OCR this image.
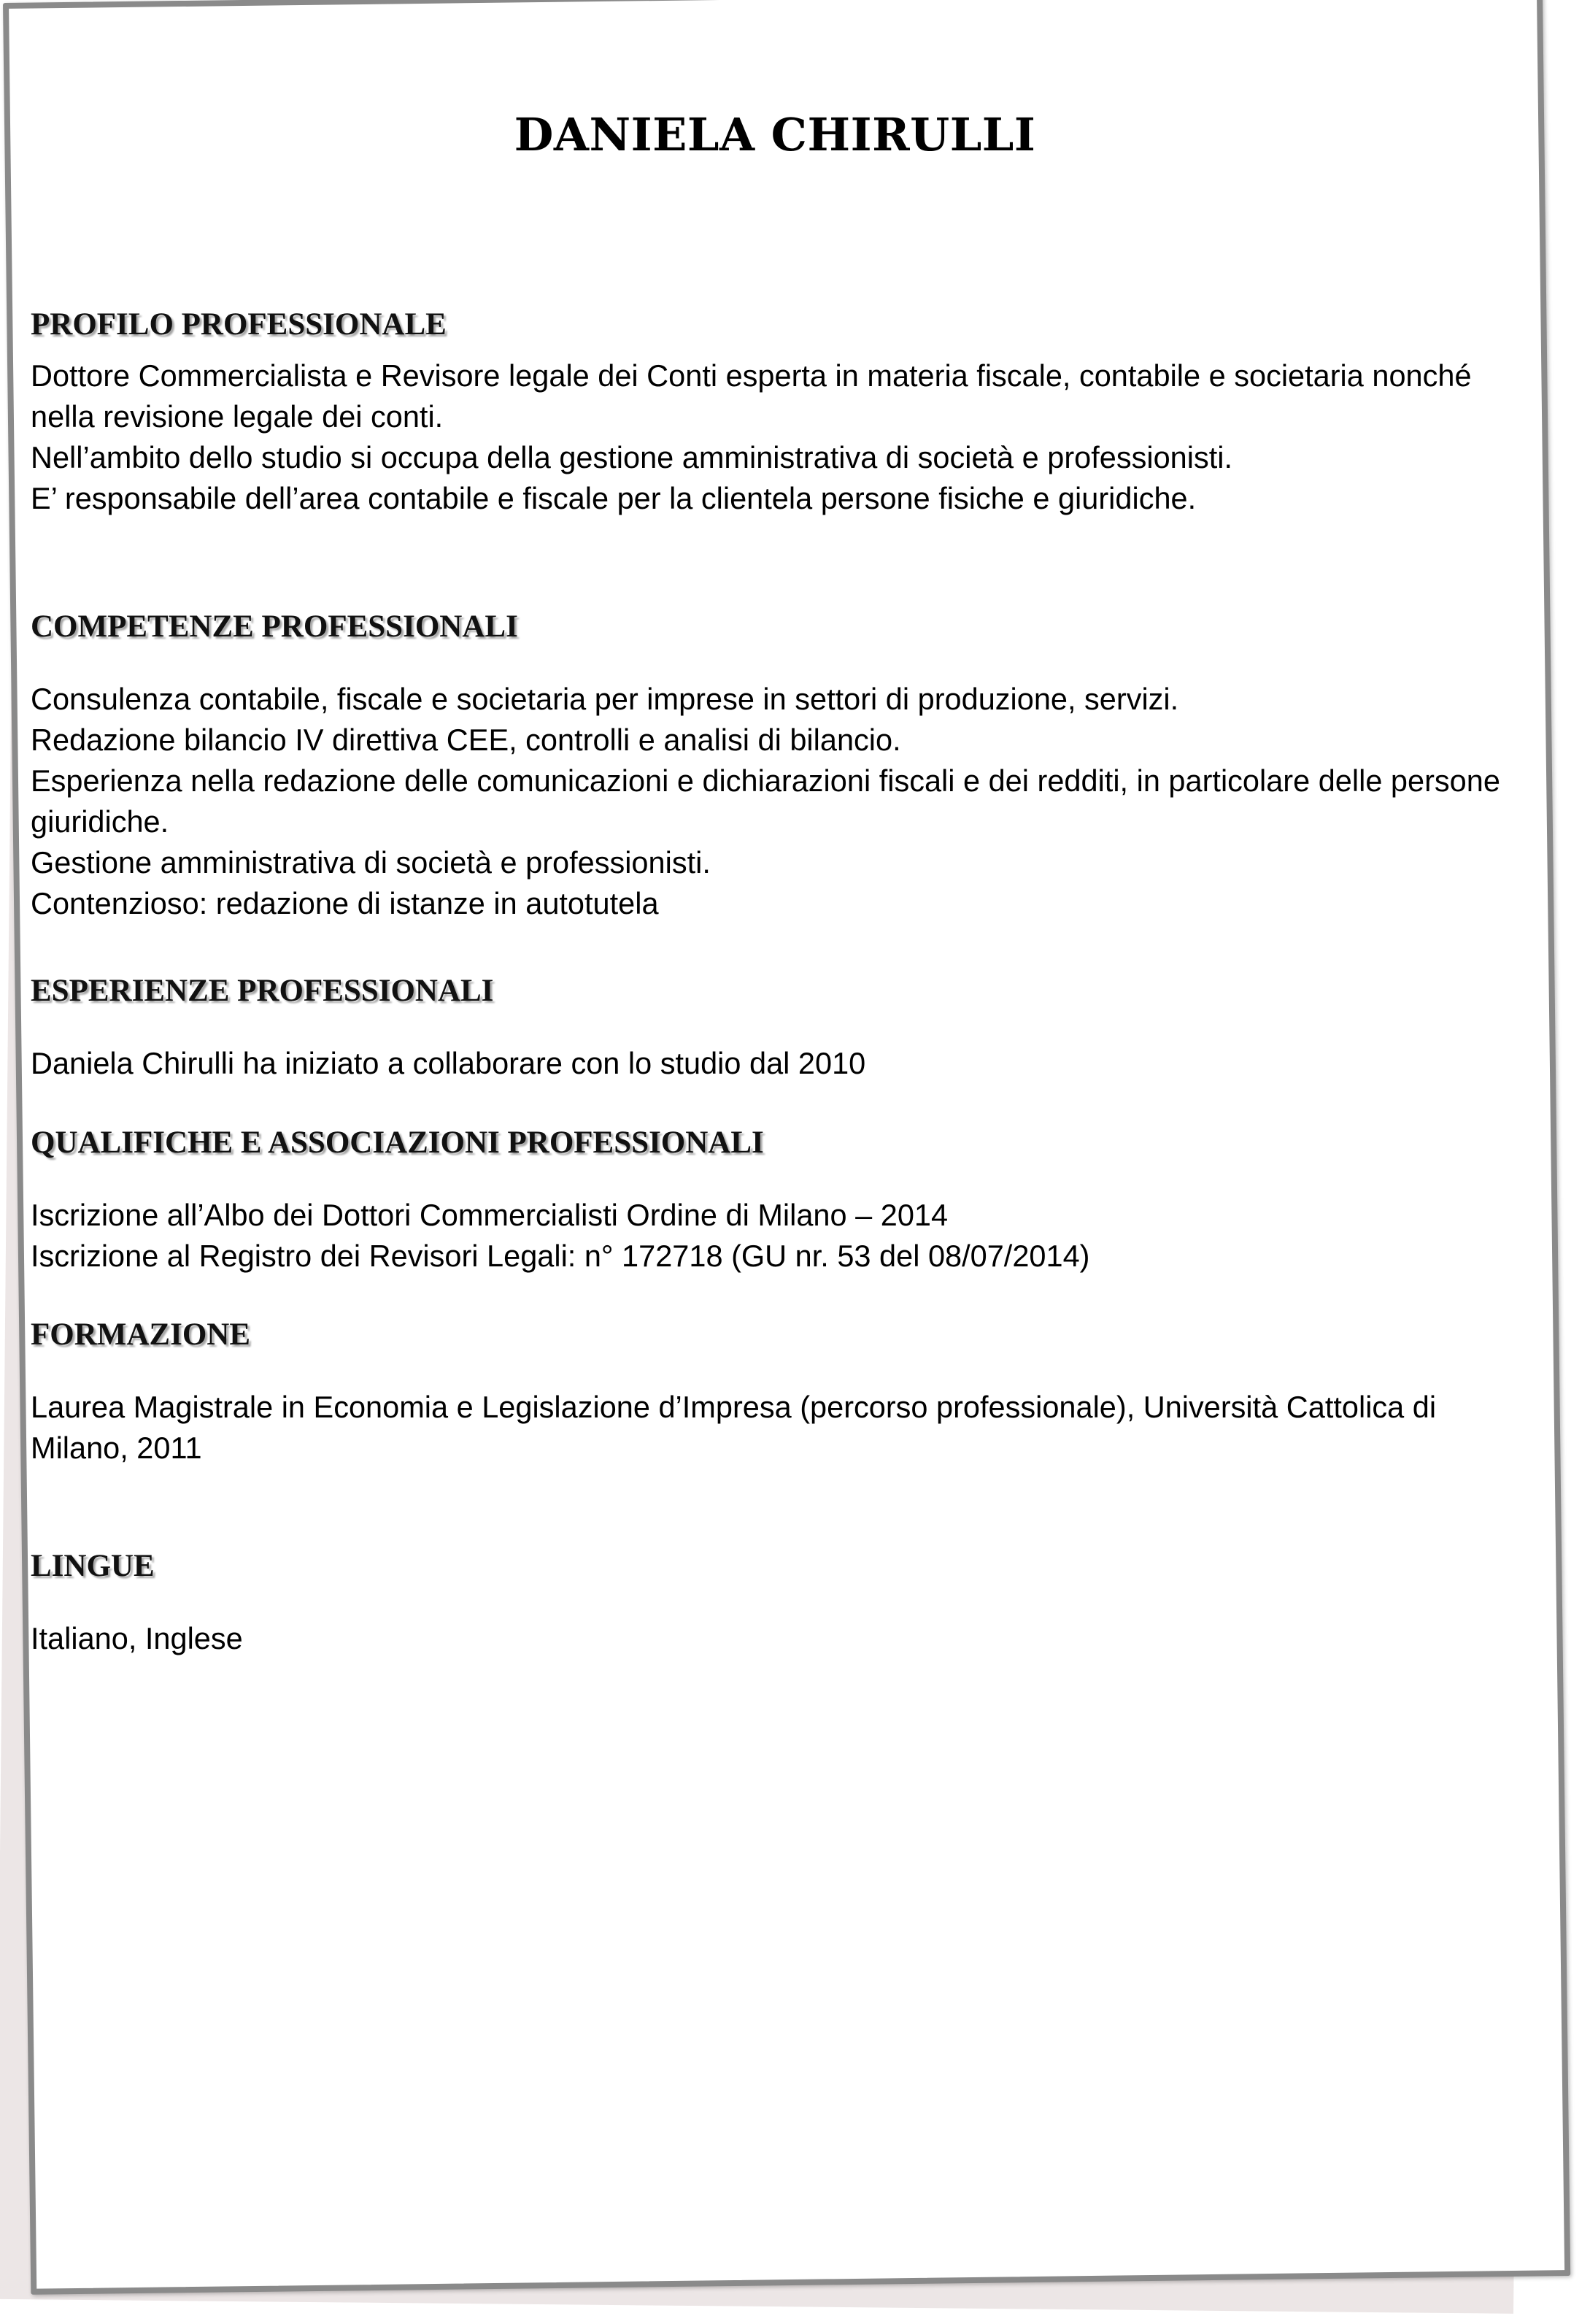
DANIELA CHIRULLI
PROFILO PROFESSIONALE

Dottore Commercialista e Revisore legale dei Conti esperta in materia fiscale, contabile e societaria nonché nella revisione legale dei conti.

Nell’ambito dello studio si occupa della gestione amministrativa di società e professionisti.

E’ responsabile dell’area contabile e fiscale per la clientela persone fisiche e giuridiche.

COMPETENZE PROFESSIONALI

Consulenza contabile, fiscale e societaria per imprese in settori di produzione, servizi.

Redazione bilancio IV direttiva CEE, controlli e analisi di bilancio.

Esperienza nella redazione delle comunicazioni e dichiarazioni fiscali e dei redditi, in particolare delle persone giuridiche.

Gestione amministrativa di società e professionisti.

Contenzioso: redazione di istanze in autotutela

ESPERIENZE PROFESSIONALI

Daniela Chirulli ha iniziato a collaborare con lo studio dal 2010

QUALIFICHE E ASSOCIAZIONI PROFESSIONALI

Iscrizione all’Albo dei Dottori Commercialisti Ordine di Milano – 2014

Iscrizione al Registro dei Revisori Legali: n° 172718 (GU nr. 53 del 08/07/2014)

FORMAZIONE

Laurea Magistrale in Economia e Legislazione d’Impresa (percorso professionale), Università Cattolica di Milano, 2011

LINGUE

Italiano, Inglese
